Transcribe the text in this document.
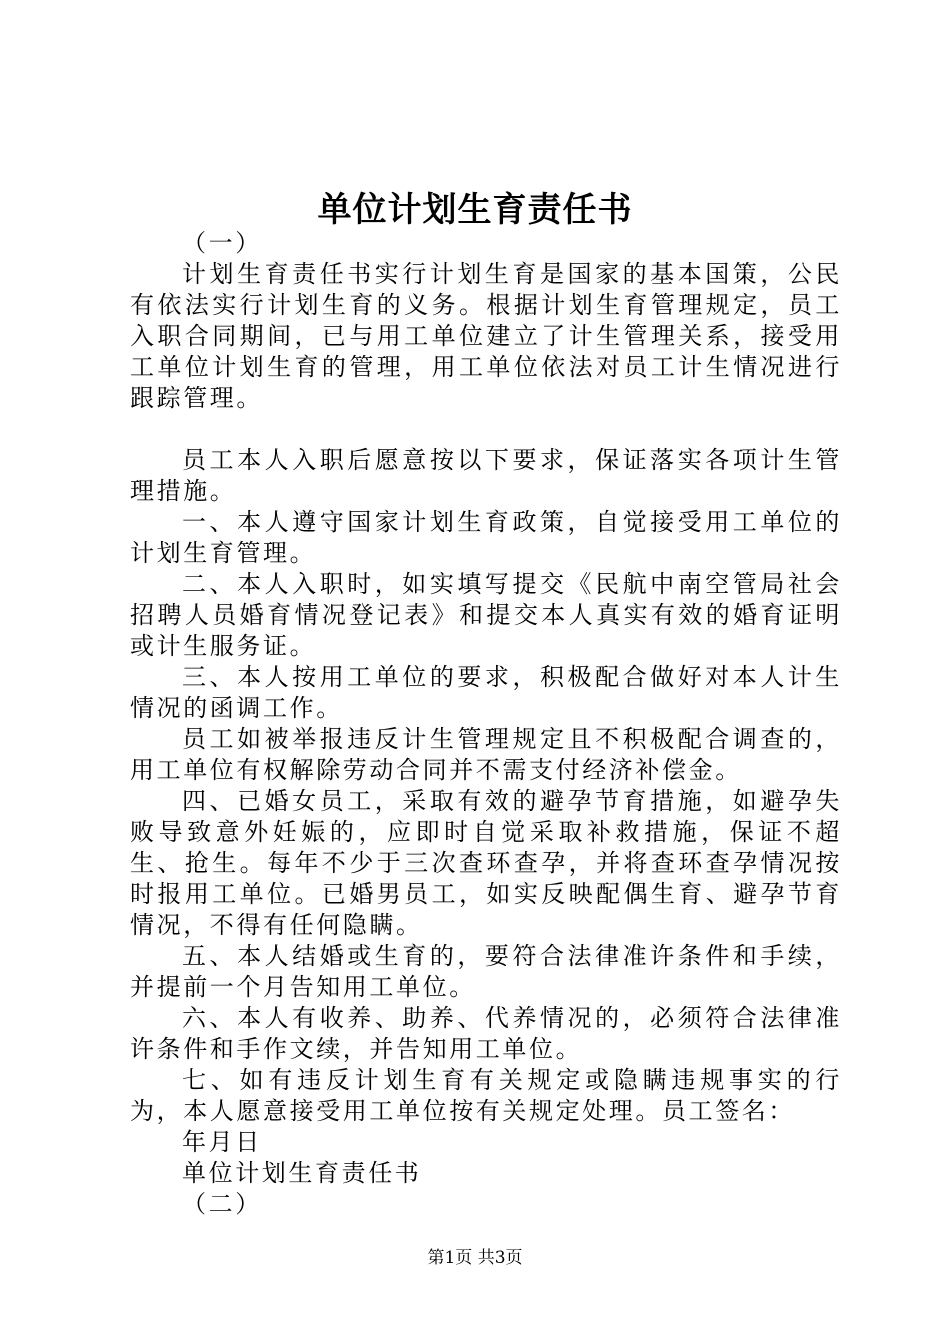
单位计划生育责任书

（一）

计划生育责任书实行计划生育是国家的基本国策，公民有依法实行计划生育的义务。根据计划生育管理规定，员工入职合同期间，已与用工单位建立了计生管理关系，接受用工单位计划生育的管理，用工单位依法对员工计生情况进行跟踪管理。

员工本人入职后愿意按以下要求，保证落实各项计生管理措施。

一、本人遵守国家计划生育政策，自觉接受用工单位的计划生育管理。

二、本人入职时，如实填写提交《民航中南空管局社会招聘人员婚育情况登记表》和提交本人真实有效的婚育证明或计生服务证。

三、本人按用工单位的要求，积极配合做好对本人计生情况的函调工作。

员工如被举报违反计生管理规定且不积极配合调查的，用工单位有权解除劳动合同并不需支付经济补偿金。

四、已婚女员工，采取有效的避孕节育措施，如避孕失败导致意外妊娠的，应即时自觉采取补救措施，保证不超生、抢生。每年不少于三次查环查孕，并将查环查孕情况按时报用工单位。已婚男员工，如实反映配偶生育、避孕节育情况，不得有任何隐瞒。

五、本人结婚或生育的，要符合法律准许条件和手续，并提前一个月告知用工单位。

六、本人有收养、助养、代养情况的，必须符合法律准许条件和手作文续，并告知用工单位。

七、如有违反计划生育有关规定或隐瞒违规事实的行为，本人愿意接受用工单位按有关规定处理。员工签名：

年月日

单位计划生育责任书

（二）

第1页 共3页
